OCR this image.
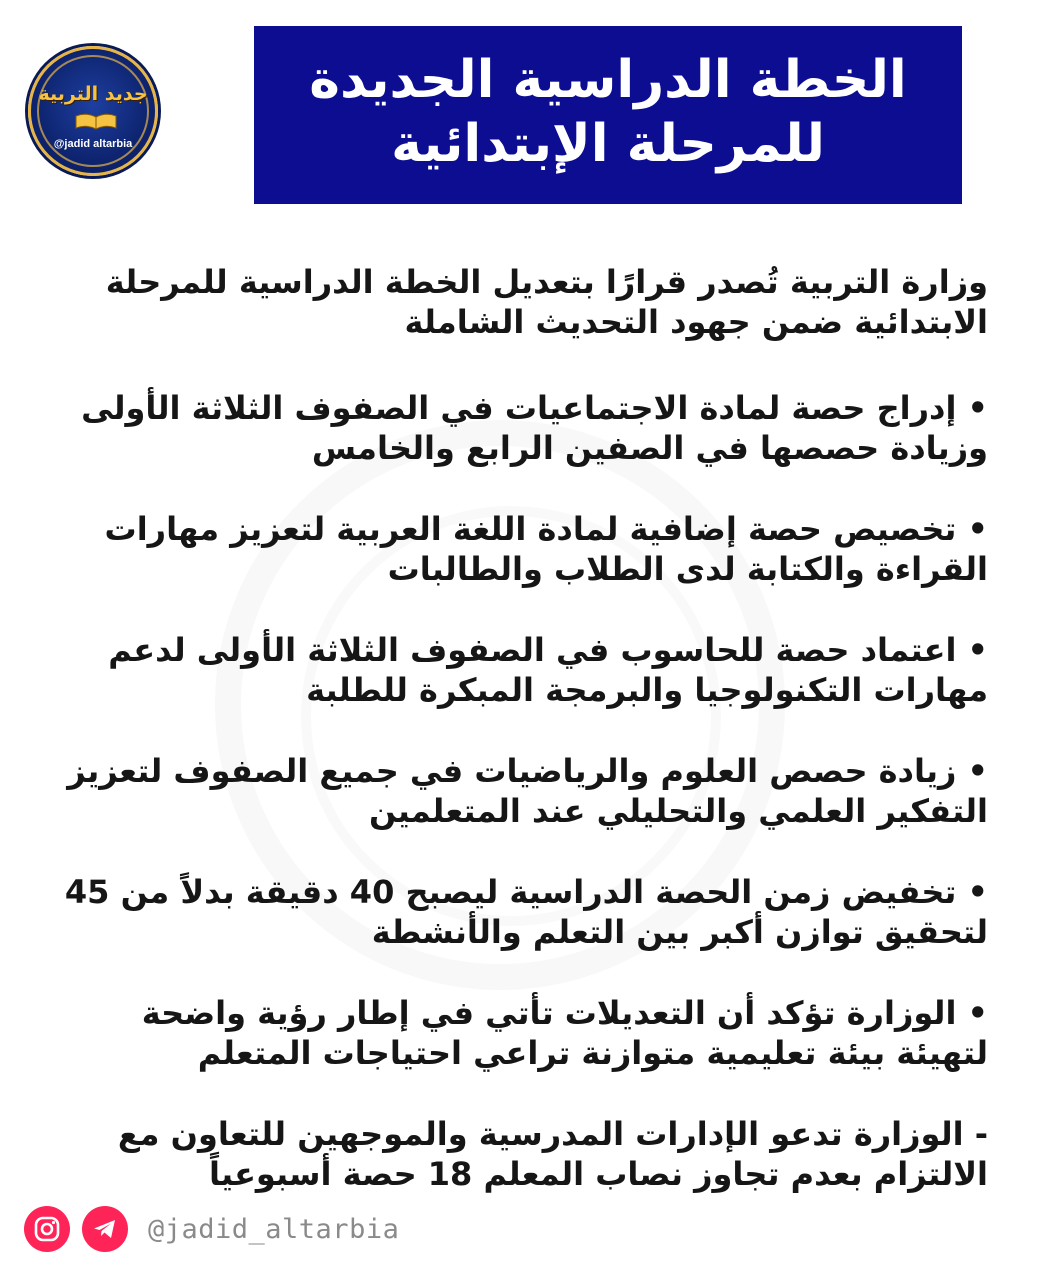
جديد التربية
@jadid altarbia
الخطة الدراسية الجديدة
للمرحلة الإبتدائية

وزارة التربية تُصدر قرارًا بتعديل الخطة الدراسية للمرحلة الابتدائية ضمن جهود التحديث الشاملة

• إدراج حصة لمادة الاجتماعيات في الصفوف الثلاثة الأولى وزيادة حصصها في الصفين الرابع والخامس

• تخصيص حصة إضافية لمادة اللغة العربية لتعزيز مهارات القراءة والكتابة لدى الطلاب والطالبات

• اعتماد حصة للحاسوب في الصفوف الثلاثة الأولى لدعم مهارات التكنولوجيا والبرمجة المبكرة للطلبة

• زيادة حصص العلوم والرياضيات في جميع الصفوف لتعزيز التفكير العلمي والتحليلي عند المتعلمين

• تخفيض زمن الحصة الدراسية ليصبح 40 دقيقة بدلاً من 45 لتحقيق توازن أكبر بين التعلم والأنشطة

• الوزارة تؤكد أن التعديلات تأتي في إطار رؤية واضحة لتهيئة بيئة تعليمية متوازنة تراعي احتياجات المتعلم

- الوزارة تدعو الإدارات المدرسية والموجهين للتعاون مع الالتزام بعدم تجاوز نصاب المعلم 18 حصة أسبوعياً

@jadid_altarbia
